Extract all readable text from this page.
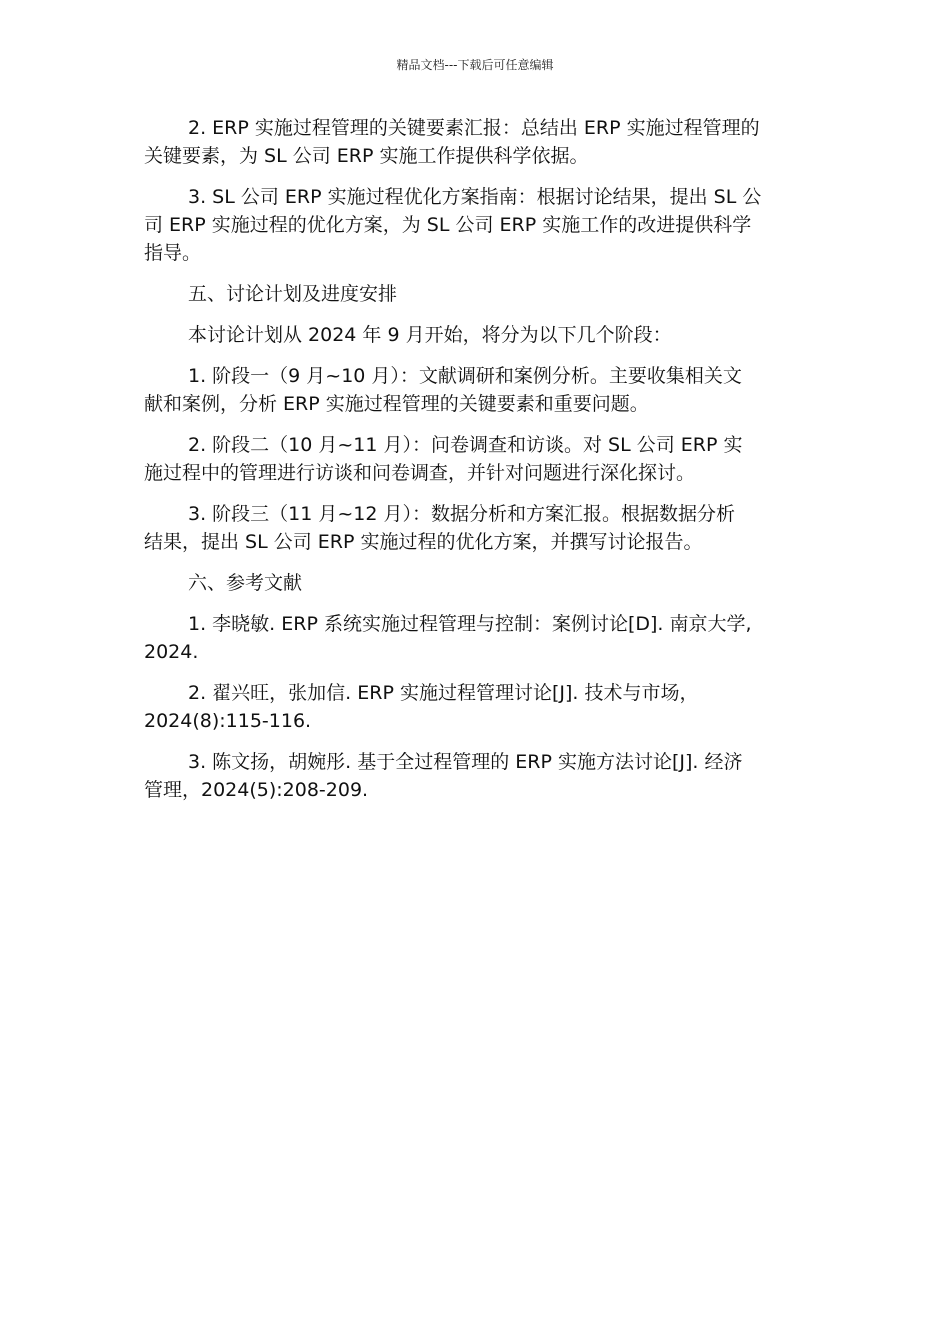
精品文档---下载后可任意编辑
2. ERP 实施过程管理的关键要素汇报：总结出 ERP 实施过程管理的
关键要素，为 SL 公司 ERP 实施工作提供科学依据。
3. SL 公司 ERP 实施过程优化方案指南：根据讨论结果，提出 SL 公
司 ERP 实施过程的优化方案，为 SL 公司 ERP 实施工作的改进提供科学
指导。
五、讨论计划及进度安排
本讨论计划从 2024 年 9 月开始，将分为以下几个阶段：
1. 阶段一（9 月~10 月）：文献调研和案例分析。主要收集相关文
献和案例，分析 ERP 实施过程管理的关键要素和重要问题。
2. 阶段二（10 月~11 月）：问卷调查和访谈。对 SL 公司 ERP 实
施过程中的管理进行访谈和问卷调查，并针对问题进行深化探讨。
3. 阶段三（11 月~12 月）：数据分析和方案汇报。根据数据分析
结果，提出 SL 公司 ERP 实施过程的优化方案，并撰写讨论报告。
六、参考文献
1. 李晓敏. ERP 系统实施过程管理与控制：案例讨论[D]. 南京大学,
2024.
2. 翟兴旺，张加信. ERP 实施过程管理讨论[J]. 技术与市场，
2024(8):115-116.
3. 陈文扬，胡婉彤. 基于全过程管理的 ERP 实施方法讨论[J]. 经济
管理，2024(5):208-209.
